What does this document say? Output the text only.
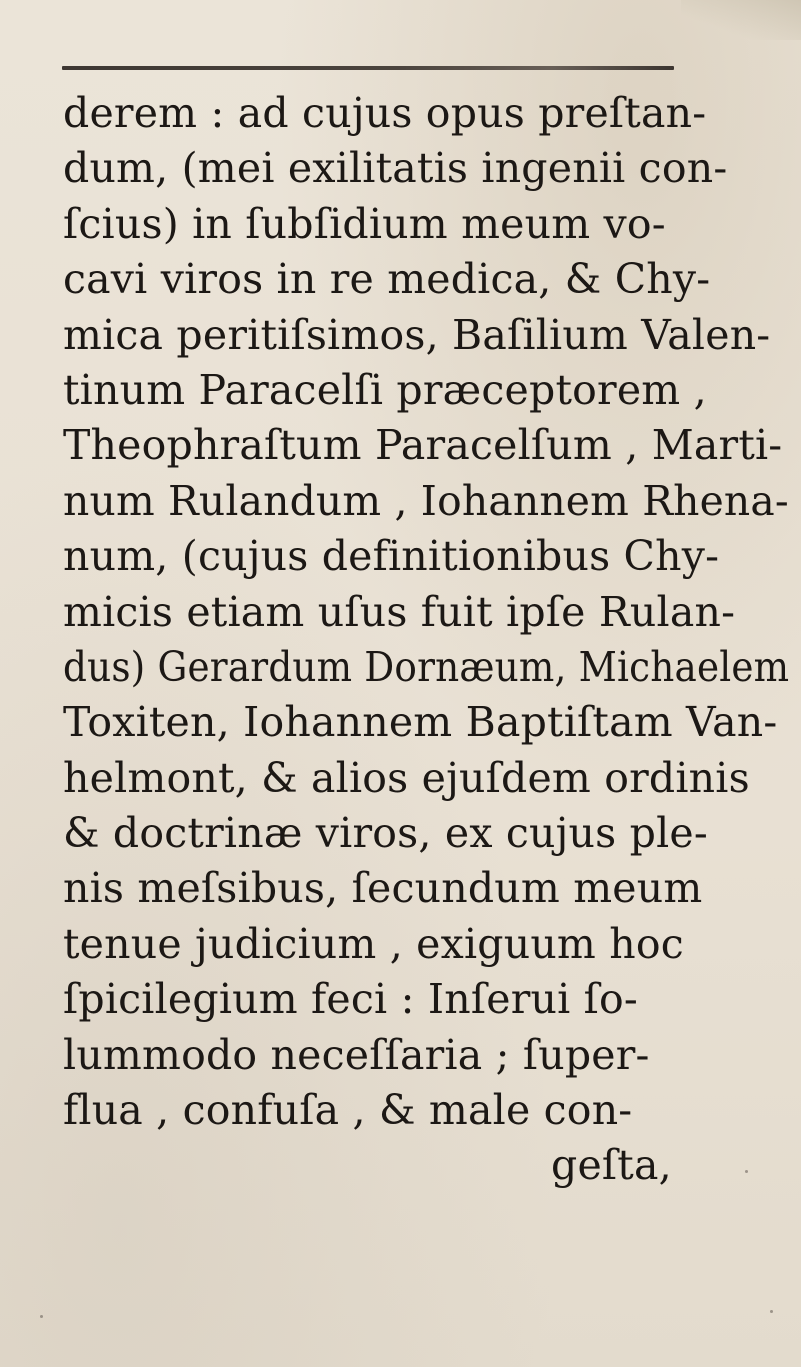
derem : ad cujus opus preſtan-
dum, (mei exilitatis ingenii con-
ſcius) in ſubſidium meum vo-
cavi viros in re medica, & Chy-
mica peritiſsimos, Baſilium Valen-
tinum Paracelſi præceptorem ,
Theophraſtum Paracelſum , Marti-
num Rulandum , Iohannem Rhena-
num, (cujus definitionibus Chy-
micis etiam uſus fuit ipſe Rulan-
dus) Gerardum Dornæum, Michaelem
Toxiten, Iohannem Baptiſtam Van-
helmont, & alios ejuſdem ordinis
& doctrinæ viros, ex cujus ple-
nis meſsibus, ſecundum meum
tenue judicium , exiguum hoc
ſpicilegium feci : Inſerui ſo-
lummodo neceſſaria ; ſuper-
flua , confuſa , & male con-
geſta,
